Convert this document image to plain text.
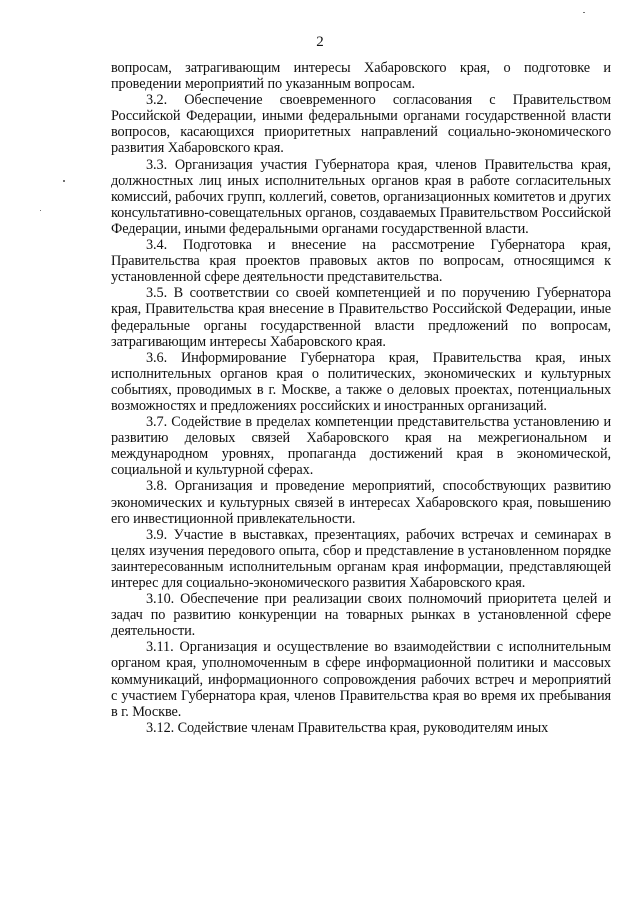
2

вопросам, затрагивающим интересы Хабаровского края, о подготовке и проведении мероприятий по указанным вопросам.

3.2. Обеспечение своевременного согласования с Правительством Российской Федерации, иными федеральными органами государственной власти вопросов, касающихся приоритетных направлений социально-экономического развития Хабаровского края.

3.3. Организация участия Губернатора края, членов Правительства края, должностных лиц иных исполнительных органов края в работе согласительных комиссий, рабочих групп, коллегий, советов, организационных комитетов и других консультативно-совещательных органов, создаваемых Правительством Российской Федерации, иными федеральными органами государственной власти.

3.4. Подготовка и внесение на рассмотрение Губернатора края, Правительства края проектов правовых актов по вопросам, относящимся к установленной сфере деятельности представительства.

3.5. В соответствии со своей компетенцией и по поручению Губернатора края, Правительства края внесение в Правительство Российской Федерации, иные федеральные органы государственной власти предложений по вопросам, затрагивающим интересы Хабаровского края.

3.6. Информирование Губернатора края, Правительства края, иных исполнительных органов края о политических, экономических и культурных событиях, проводимых в г. Москве, а также о деловых проектах, потенциальных возможностях и предложениях российских и иностранных организаций.

3.7. Содействие в пределах компетенции представительства установлению и развитию деловых связей Хабаровского края на межрегиональном и международном уровнях, пропаганда достижений края в экономической, социальной и культурной сферах.

3.8. Организация и проведение мероприятий, способствующих развитию экономических и культурных связей в интересах Хабаровского края, повышению его инвестиционной привлекательности.

3.9. Участие в выставках, презентациях, рабочих встречах и семинарах в целях изучения передового опыта, сбор и представление в установленном порядке заинтересованным исполнительным органам края информации, представляющей интерес для социально-экономического развития Хабаровского края.

3.10. Обеспечение при реализации своих полномочий приоритета целей и задач по развитию конкуренции на товарных рынках в установленной сфере деятельности.

3.11. Организация и осуществление во взаимодействии с исполнительным органом края, уполномоченным в сфере информационной политики и массовых коммуникаций, информационного сопровождения рабочих встреч и мероприятий с участием Губернатора края, членов Правительства края во время их пребывания в г. Москве.

3.12. Содействие членам Правительства края, руководителям иных
